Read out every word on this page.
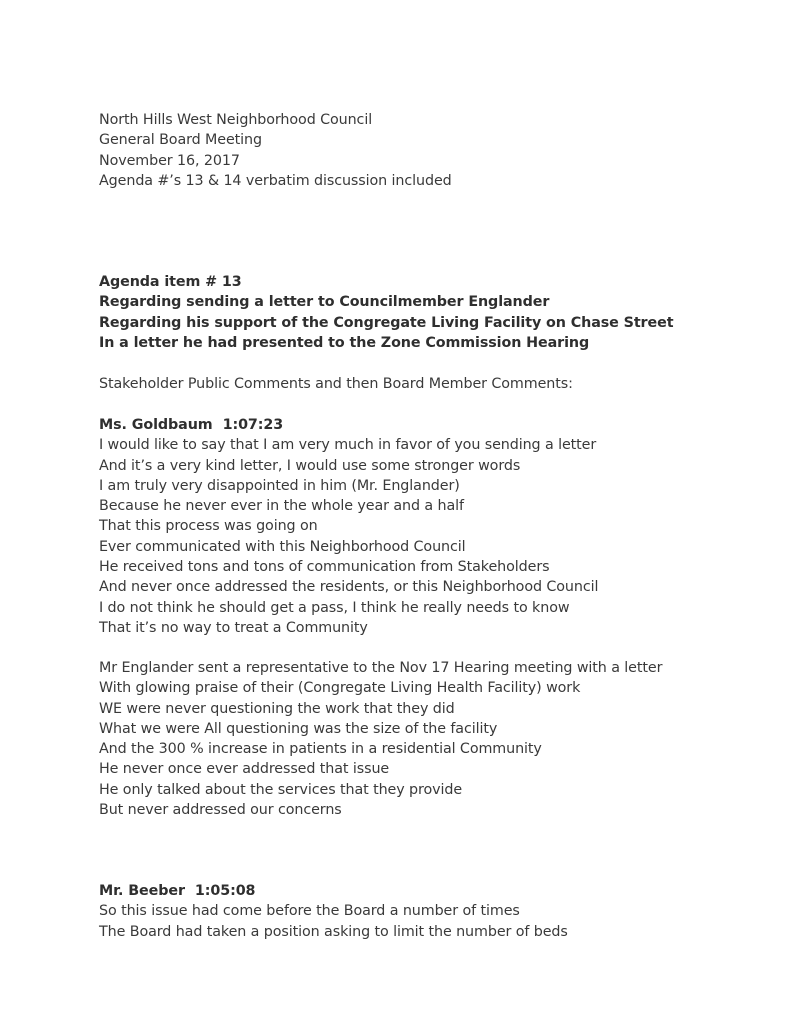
North Hills West Neighborhood Council
General Board Meeting
November 16, 2017
Agenda #’s 13 & 14 verbatim discussion included
Agenda item # 13
Regarding sending a letter to Councilmember Englander
Regarding his support of the Congregate Living Facility on Chase Street
In a letter he had presented to the Zone Commission Hearing
Stakeholder Public Comments and then Board Member Comments:
Ms. Goldbaum 1:07:23
I would like to say that I am very much in favor of you sending a letter
And it’s a very kind letter, I would use some stronger words
I am truly very disappointed in him (Mr. Englander)
Because he never ever in the whole year and a half
That this process was going on
Ever communicated with this Neighborhood Council
He received tons and tons of communication from Stakeholders
And never once addressed the residents, or this Neighborhood Council
I do not think he should get a pass, I think he really needs to know
That it’s no way to treat a Community
Mr Englander sent a representative to the Nov 17 Hearing meeting with a letter
With glowing praise of their (Congregate Living Health Facility) work
WE were never questioning the work that they did
What we were All questioning was the size of the facility
And the 300 % increase in patients in a residential Community
He never once ever addressed that issue
He only talked about the services that they provide
But never addressed our concerns
Mr. Beeber 1:05:08
So this issue had come before the Board a number of times
The Board had taken a position asking to limit the number of beds
